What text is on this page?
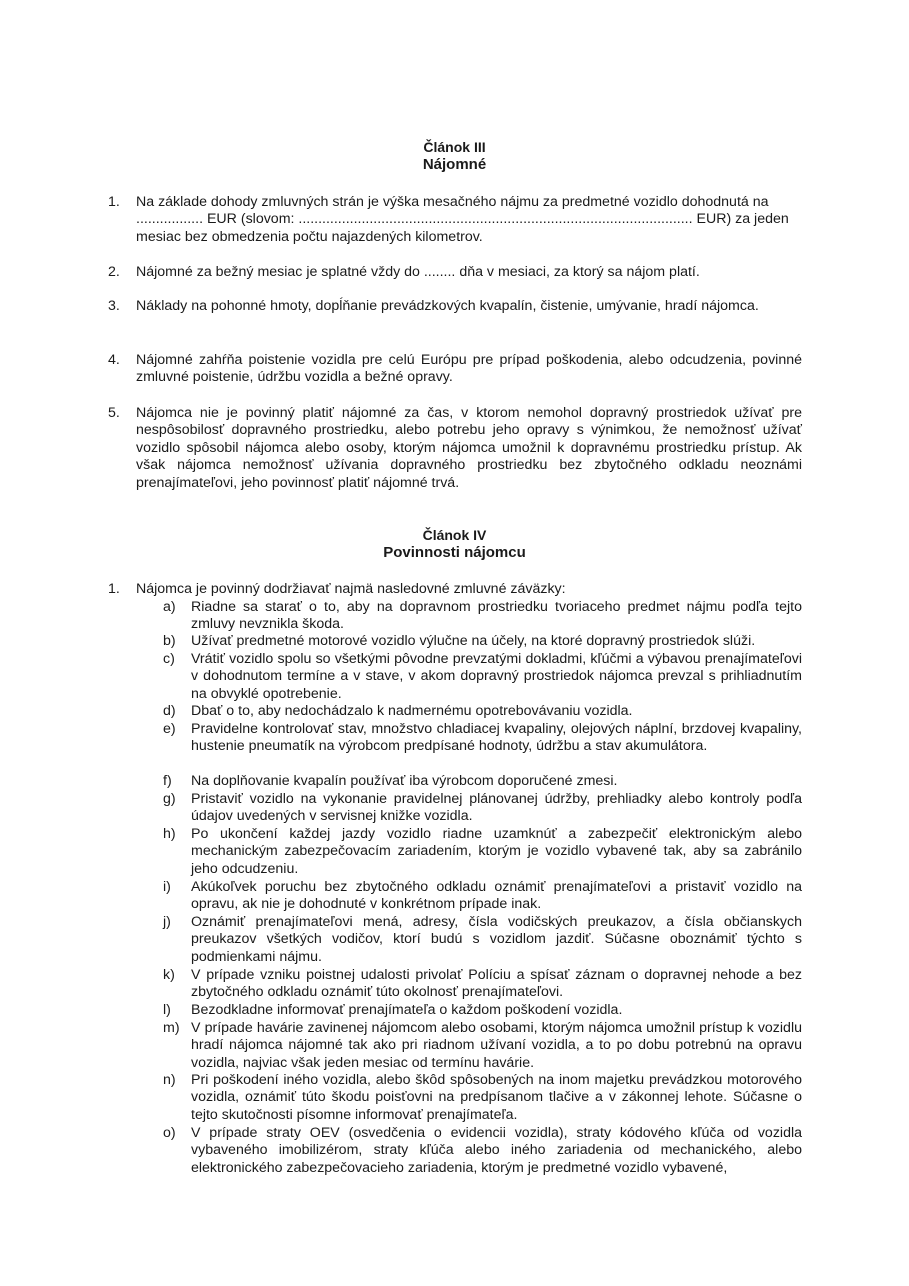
Článok III
Nájomné
1.	Na základe dohody zmluvných strán je výška mesačného nájmu za predmetné vozidlo dohodnutá na ................. EUR (slovom: .................................................................................................... EUR) za jeden mesiac bez obmedzenia počtu najazdených kilometrov.
2.	Nájomné za bežný mesiac je splatné vždy do ........ dňa v mesiaci, za ktorý sa nájom platí.
3.	Náklady na pohonné hmoty, dopĺňanie prevádzkových kvapalín, čistenie, umývanie, hradí nájomca.
4.	Nájomné zahŕňa poistenie vozidla pre celú Európu pre prípad poškodenia, alebo odcudzenia, povinné zmluvné poistenie, údržbu vozidla a bežné opravy.
5.	Nájomca nie je povinný platiť nájomné za čas, v ktorom nemohol dopravný prostriedok užívať pre nespôsobilosť dopravného prostriedku, alebo potrebu jeho opravy s výnimkou, že nemožnosť užívať vozidlo spôsobil nájomca alebo osoby, ktorým nájomca umožnil k dopravnému prostriedku prístup. Ak však nájomca nemožnosť užívania dopravného prostriedku bez zbytočného odkladu neoznámi prenajímateľovi, jeho povinnosť platiť nájomné trvá.
Článok IV
Povinnosti nájomcu
1.	Nájomca je povinný dodržiavať najmä nasledovné zmluvné záväzky:
a)	Riadne sa starať o to, aby na dopravnom prostriedku tvoriaceho predmet nájmu podľa tejto zmluvy nevznikla škoda.
b)	Užívať predmetné motorové vozidlo výlučne na účely, na ktoré dopravný prostriedok slúži.
c)	Vrátiť vozidlo spolu so všetkými pôvodne prevzatými dokladmi, kľúčmi a výbavou prenajímateľovi v dohodnutom termíne a v stave, v akom dopravný prostriedok nájomca prevzal s prihliadnutím na obvyklé opotrebenie.
d)	Dbať o to, aby nedochádzalo k nadmernému opotrebovávaniu vozidla.
e)	Pravidelne kontrolovať stav, množstvo chladiacej kvapaliny, olejových náplní, brzdovej kvapaliny, hustenie pneumatík na výrobcom predpísané hodnoty, údržbu a stav akumulátora.
f)	Na doplňovanie kvapalín používať iba výrobcom doporučené zmesi.
g)	Pristaviť vozidlo na vykonanie pravidelnej plánovanej údržby, prehliadky alebo kontroly podľa údajov uvedených v servisnej knižke vozidla.
h)	Po ukončení každej jazdy vozidlo riadne uzamknúť a zabezpečiť elektronickým alebo mechanickým zabezpečovacím zariadením, ktorým je vozidlo vybavené tak, aby sa zabránilo jeho odcudzeniu.
i)	Akúkoľvek poruchu bez zbytočného odkladu oznámiť prenajímateľovi a pristaviť vozidlo na opravu, ak nie je dohodnuté v konkrétnom prípade inak.
j)	Oznámiť prenajímateľovi mená, adresy, čísla vodičských preukazov, a čísla občianskych preukazov všetkých vodičov, ktorí budú s vozidlom jazdiť. Súčasne oboznámiť týchto s podmienkami nájmu.
k)	V prípade vzniku poistnej udalosti privolať Políciu a spísať záznam o dopravnej nehode a bez zbytočného odkladu oznámiť túto okolnosť prenajímateľovi.
l)	Bezodkladne informovať prenajímateľa o každom poškodení vozidla.
m) V prípade havárie zavinenej nájomcom alebo osobami, ktorým nájomca umožnil prístup k vozidlu hradí nájomca nájomné tak ako pri riadnom užívaní vozidla, a to po dobu potrebnú na opravu vozidla, najviac však jeden mesiac od termínu havárie.
n)	Pri poškodení iného vozidla, alebo škôd spôsobených na inom majetku prevádzkou motorového vozidla, oznámiť túto škodu poisťovni na predpísanom tlačive a v zákonnej lehote. Súčasne o tejto skutočnosti písomne informovať prenajímateľa.
o)	V prípade straty OEV (osvedčenia o evidencii vozidla), straty kódového kľúča od vozidla vybaveného imobilizérom, straty kľúča alebo iného zariadenia od mechanického, alebo elektronického zabezpečovacieho zariadenia, ktorým je predmetné vozidlo vybavené,
